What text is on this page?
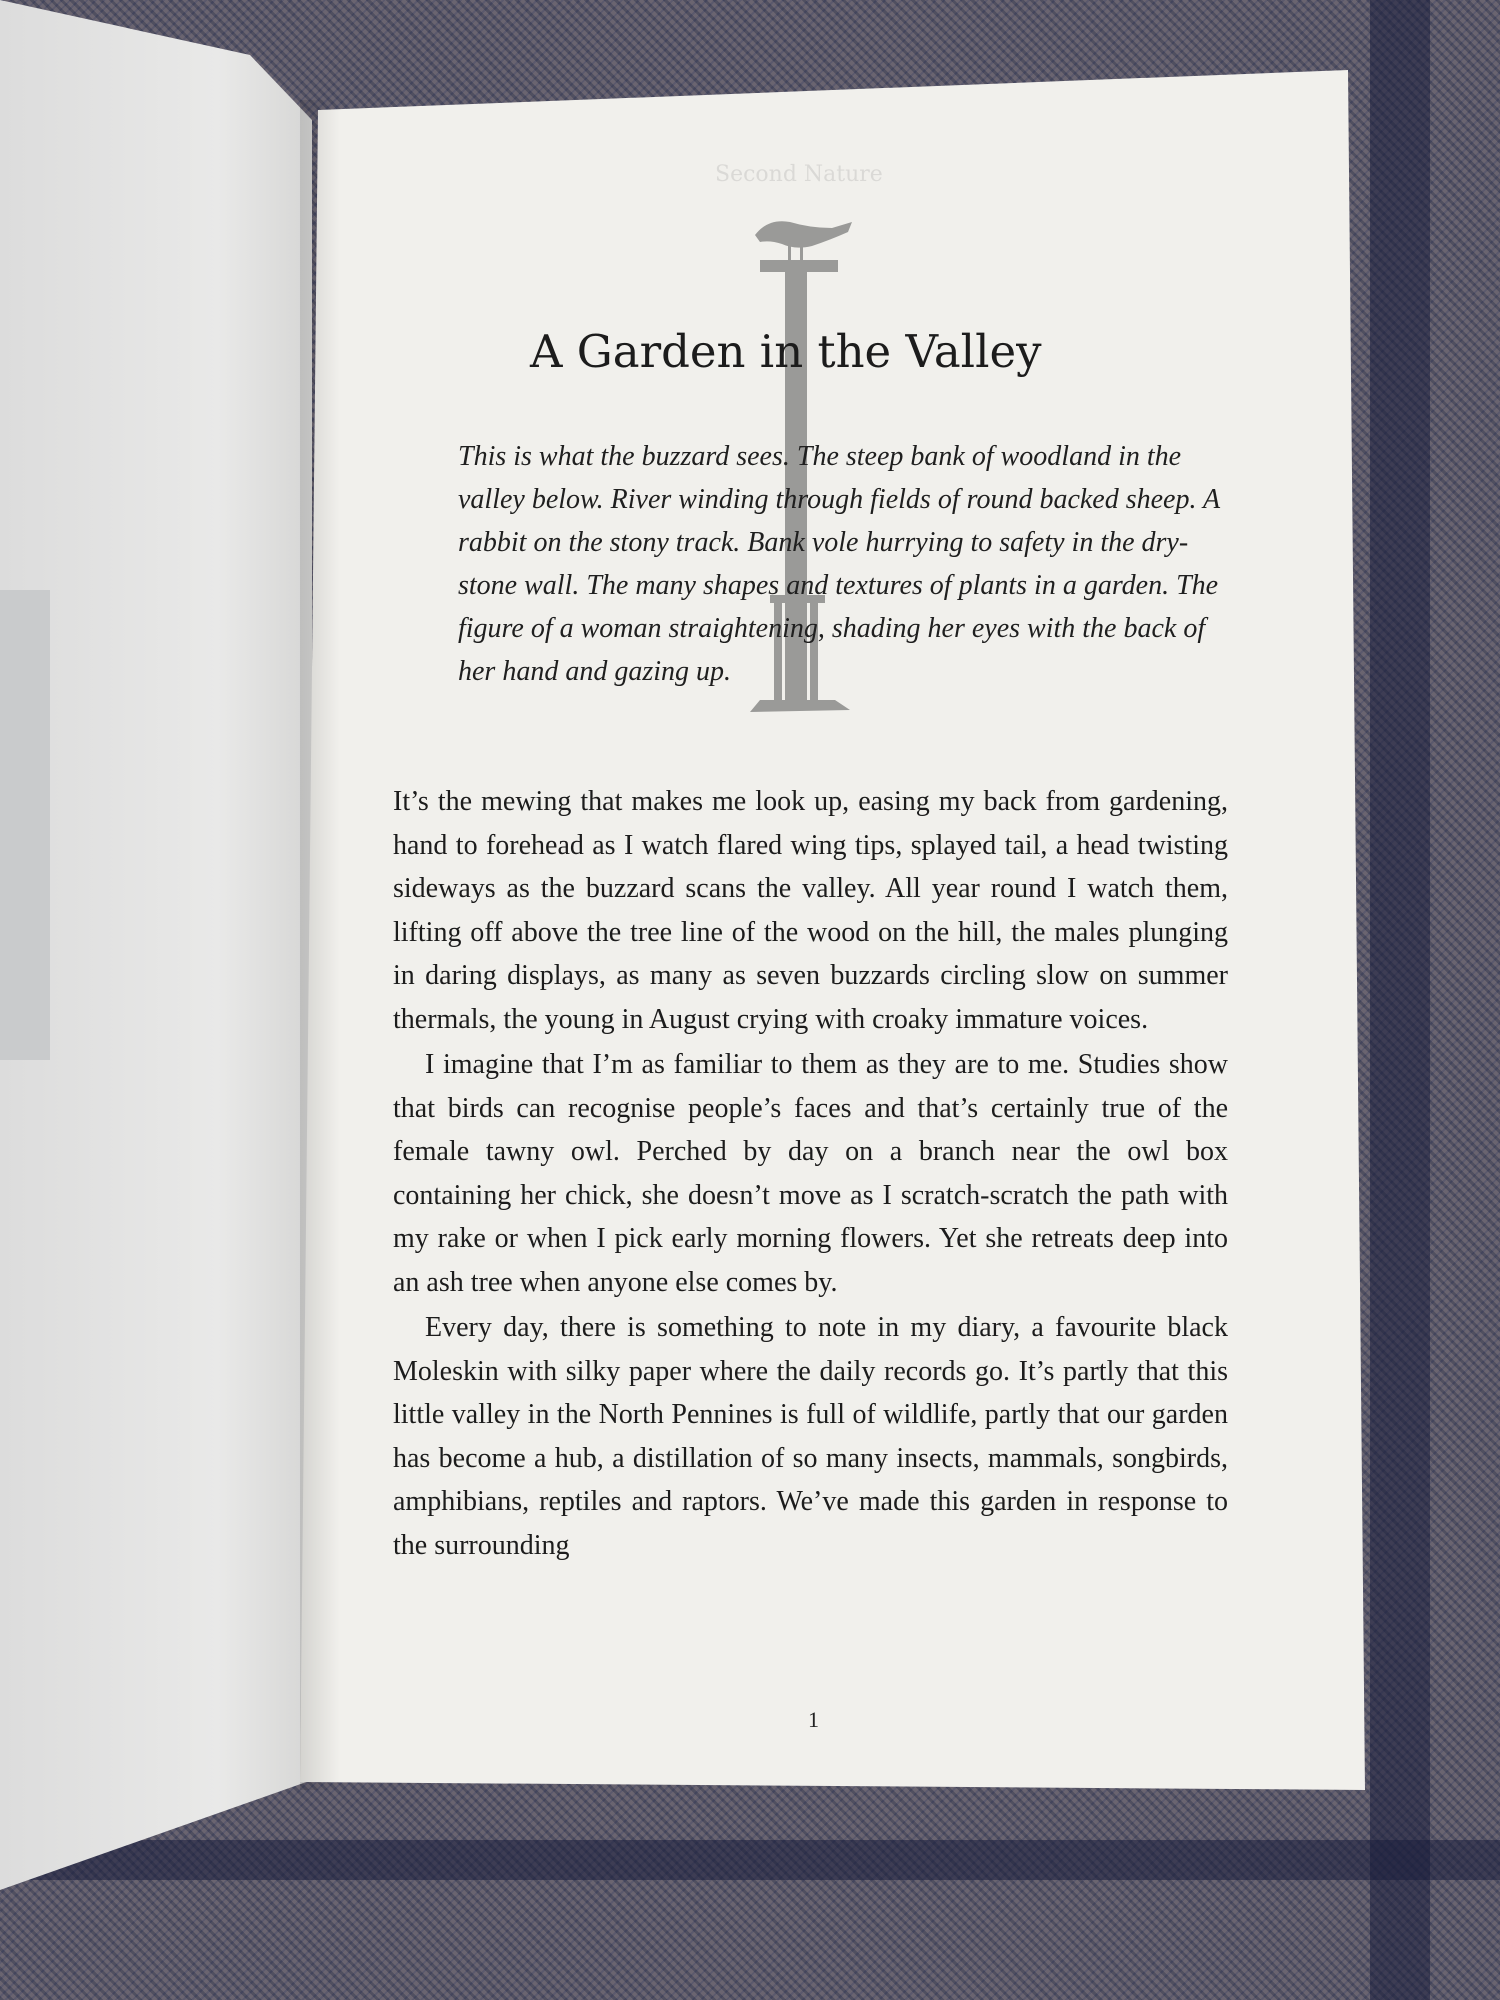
Second Nature
A Garden in the Valley
This is what the buzzard sees. The steep bank of woodland in the valley below. River winding through fields of round backed sheep. A rabbit on the stony track. Bank vole hurrying to safety in the dry-stone wall. The many shapes and textures of plants in a garden. The figure of a woman straightening, shading her eyes with the back of her hand and gazing up.

It’s the mewing that makes me look up, easing my back from gardening, hand to forehead as I watch flared wing tips, splayed tail, a head twisting sideways as the buzzard scans the valley. All year round I watch them, lifting off above the tree line of the wood on the hill, the males plunging in daring displays, as many as seven buzzards circling slow on summer thermals, the young in August crying with croaky immature voices.

I imagine that I’m as familiar to them as they are to me. Studies show that birds can recognise people’s faces and that’s certainly true of the female tawny owl. Perched by day on a branch near the owl box containing her chick, she doesn’t move as I scratch-scratch the path with my rake or when I pick early morning flowers. Yet she retreats deep into an ash tree when anyone else comes by.

Every day, there is something to note in my diary, a favourite black Moleskin with silky paper where the daily records go. It’s partly that this little valley in the North Pennines is full of wildlife, partly that our garden has become a hub, a distillation of so many insects, mammals, songbirds, amphibians, reptiles and raptors. We’ve made this garden in response to the surrounding

1
